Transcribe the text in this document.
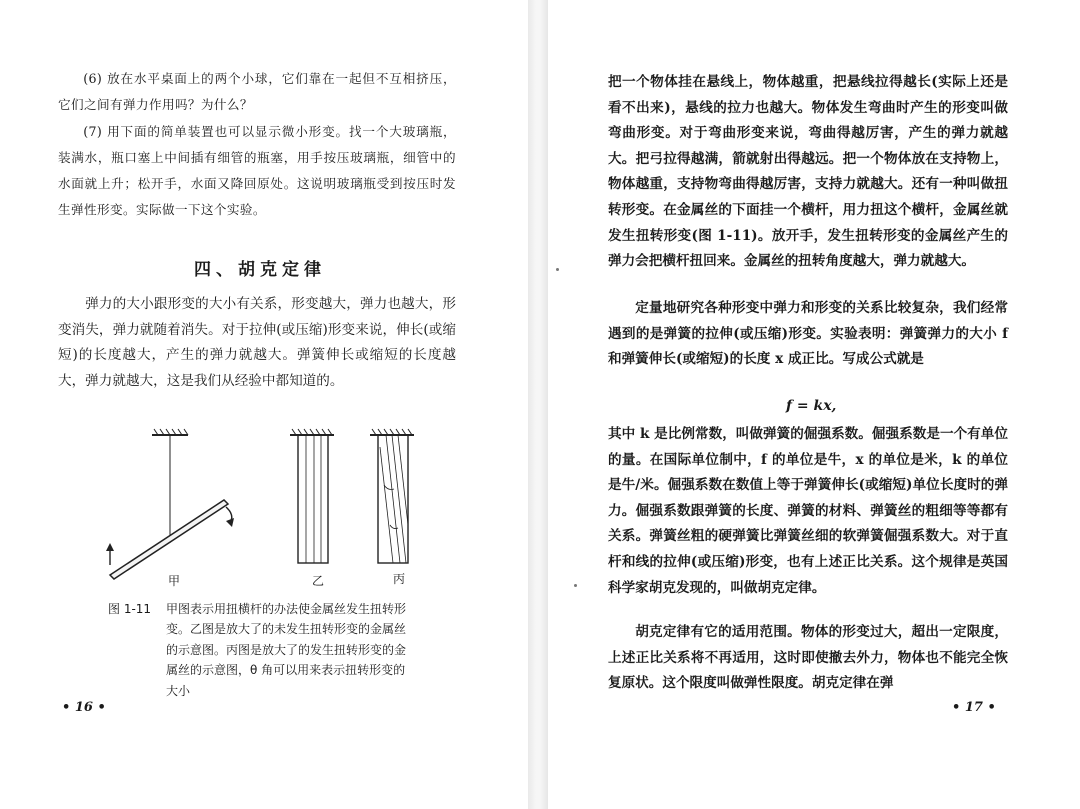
(6) 放在水平桌面上的两个小球，它们靠在一起但不互相挤压，它们之间有弹力作用吗？为什么？

(7) 用下面的简单装置也可以显示微小形变。找一个大玻璃瓶，装满水，瓶口塞上中间插有细管的瓶塞，用手按压玻璃瓶，细管中的水面就上升；松开手，水面又降回原处。这说明玻璃瓶受到按压时发生弹性形变。实际做一下这个实验。

四、胡克定律

弹力的大小跟形变的大小有关系，形变越大，弹力也越大，形变消失，弹力就随着消失。对于拉伸(或压缩)形变来说，伸长(或缩短)的长度越大，产生的弹力就越大。弹簧伸长或缩短的长度越大，弹力就越大，这是我们从经验中都知道的。

甲	乙	丙
图 1-11 甲图表示用扭横杆的办法使金属丝发生扭转形变。乙图是放大了的未发生扭转形变的金属丝的示意图。丙图是放大了的发生扭转形变的金属丝的示意图，θ 角可以用来表示扭转形变的大小

• 16 •

把一个物体挂在悬线上，物体越重，把悬线拉得越长(实际上还是看不出来)，悬线的拉力也越大。物体发生弯曲时产生的形变叫做弯曲形变。对于弯曲形变来说，弯曲得越厉害，产生的弹力就越大。把弓拉得越满，箭就射出得越远。把一个物体放在支持物上，物体越重，支持物弯曲得越厉害，支持力就越大。还有一种叫做扭转形变。在金属丝的下面挂一个横杆，用力扭这个横杆，金属丝就发生扭转形变(图 1-11)。放开手，发生扭转形变的金属丝产生的弹力会把横杆扭回来。金属丝的扭转角度越大，弹力就越大。

定量地研究各种形变中弹力和形变的关系比较复杂，我们经常遇到的是弹簧的拉伸(或压缩)形变。实验表明：弹簧弹力的大小 f 和弹簧伸长(或缩短)的长度 x 成正比。写成公式就是

f = kx,

其中 k 是比例常数，叫做弹簧的倔强系数。倔强系数是一个有单位的量。在国际单位制中，f 的单位是牛，x 的单位是米，k 的单位是牛/米。倔强系数在数值上等于弹簧伸长(或缩短)单位长度时的弹力。倔强系数跟弹簧的长度、弹簧的材料、弹簧丝的粗细等等都有关系。弹簧丝粗的硬弹簧比弹簧丝细的软弹簧倔强系数大。对于直杆和线的拉伸(或压缩)形变，也有上述正比关系。这个规律是英国科学家胡克发现的，叫做胡克定律。

胡克定律有它的适用范围。物体的形变过大，超出一定限度，上述正比关系将不再适用，这时即使撤去外力，物体也不能完全恢复原状。这个限度叫做弹性限度。胡克定律在弹

• 17 •
